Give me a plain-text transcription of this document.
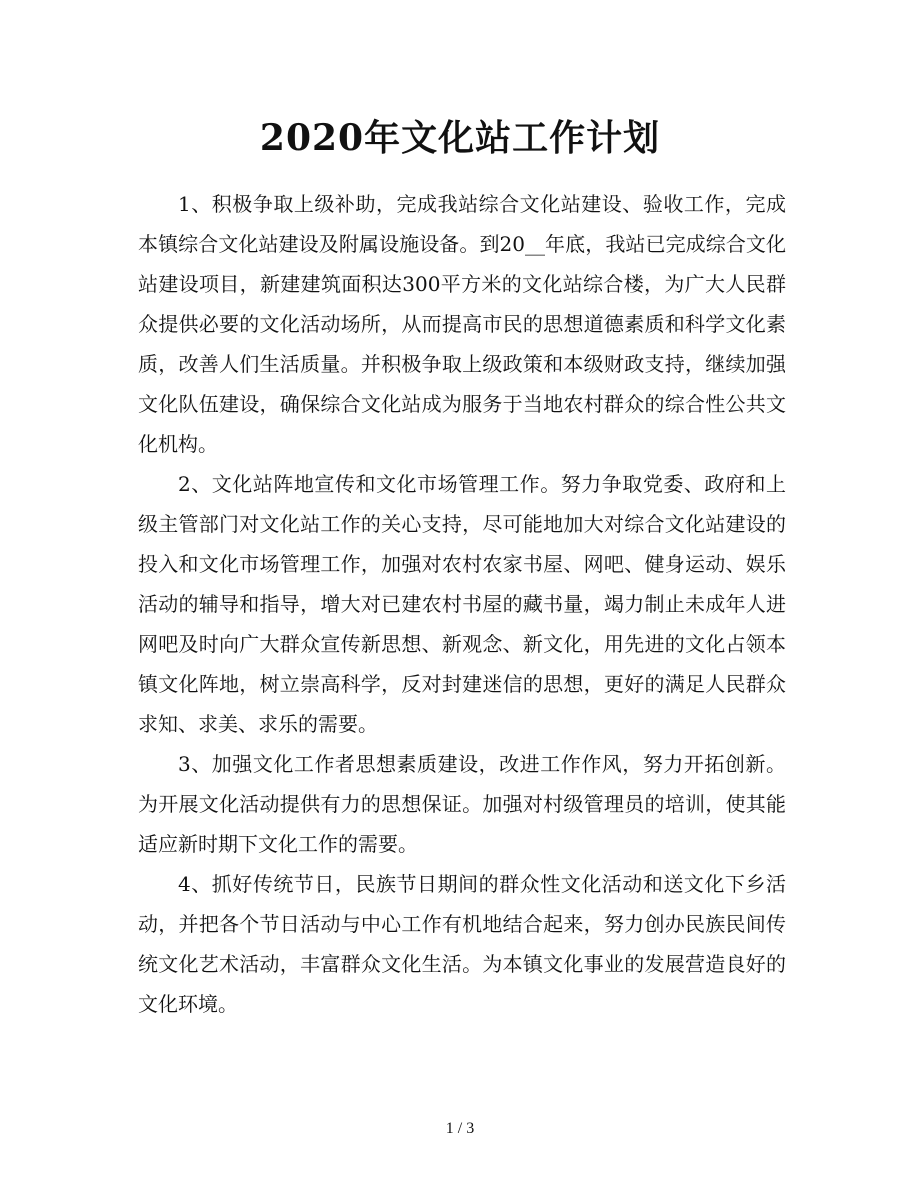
2020年文化站工作计划

1、积极争取上级补助，完成我站综合文化站建设、验收工作，完成本镇综合文化站建设及附属设施设备。到20__年底，我站已完成综合文化站建设项目，新建建筑面积达300平方米的文化站综合楼，为广大人民群众提供必要的文化活动场所，从而提高市民的思想道德素质和科学文化素质，改善人们生活质量。并积极争取上级政策和本级财政支持，继续加强文化队伍建设，确保综合文化站成为服务于当地农村群众的综合性公共文化机构。

2、文化站阵地宣传和文化市场管理工作。努力争取党委、政府和上级主管部门对文化站工作的关心支持，尽可能地加大对综合文化站建设的投入和文化市场管理工作，加强对农村农家书屋、网吧、健身运动、娱乐活动的辅导和指导，增大对已建农村书屋的藏书量，竭力制止未成年人进网吧及时向广大群众宣传新思想、新观念、新文化，用先进的文化占领本镇文化阵地，树立崇高科学，反对封建迷信的思想，更好的满足人民群众求知、求美、求乐的需要。

3、加强文化工作者思想素质建设，改进工作作风，努力开拓创新。为开展文化活动提供有力的思想保证。加强对村级管理员的培训，使其能适应新时期下文化工作的需要。

4、抓好传统节日，民族节日期间的群众性文化活动和送文化下乡活动，并把各个节日活动与中心工作有机地结合起来，努力创办民族民间传统文化艺术活动，丰富群众文化生活。为本镇文化事业的发展营造良好的文化环境。

1 / 3
